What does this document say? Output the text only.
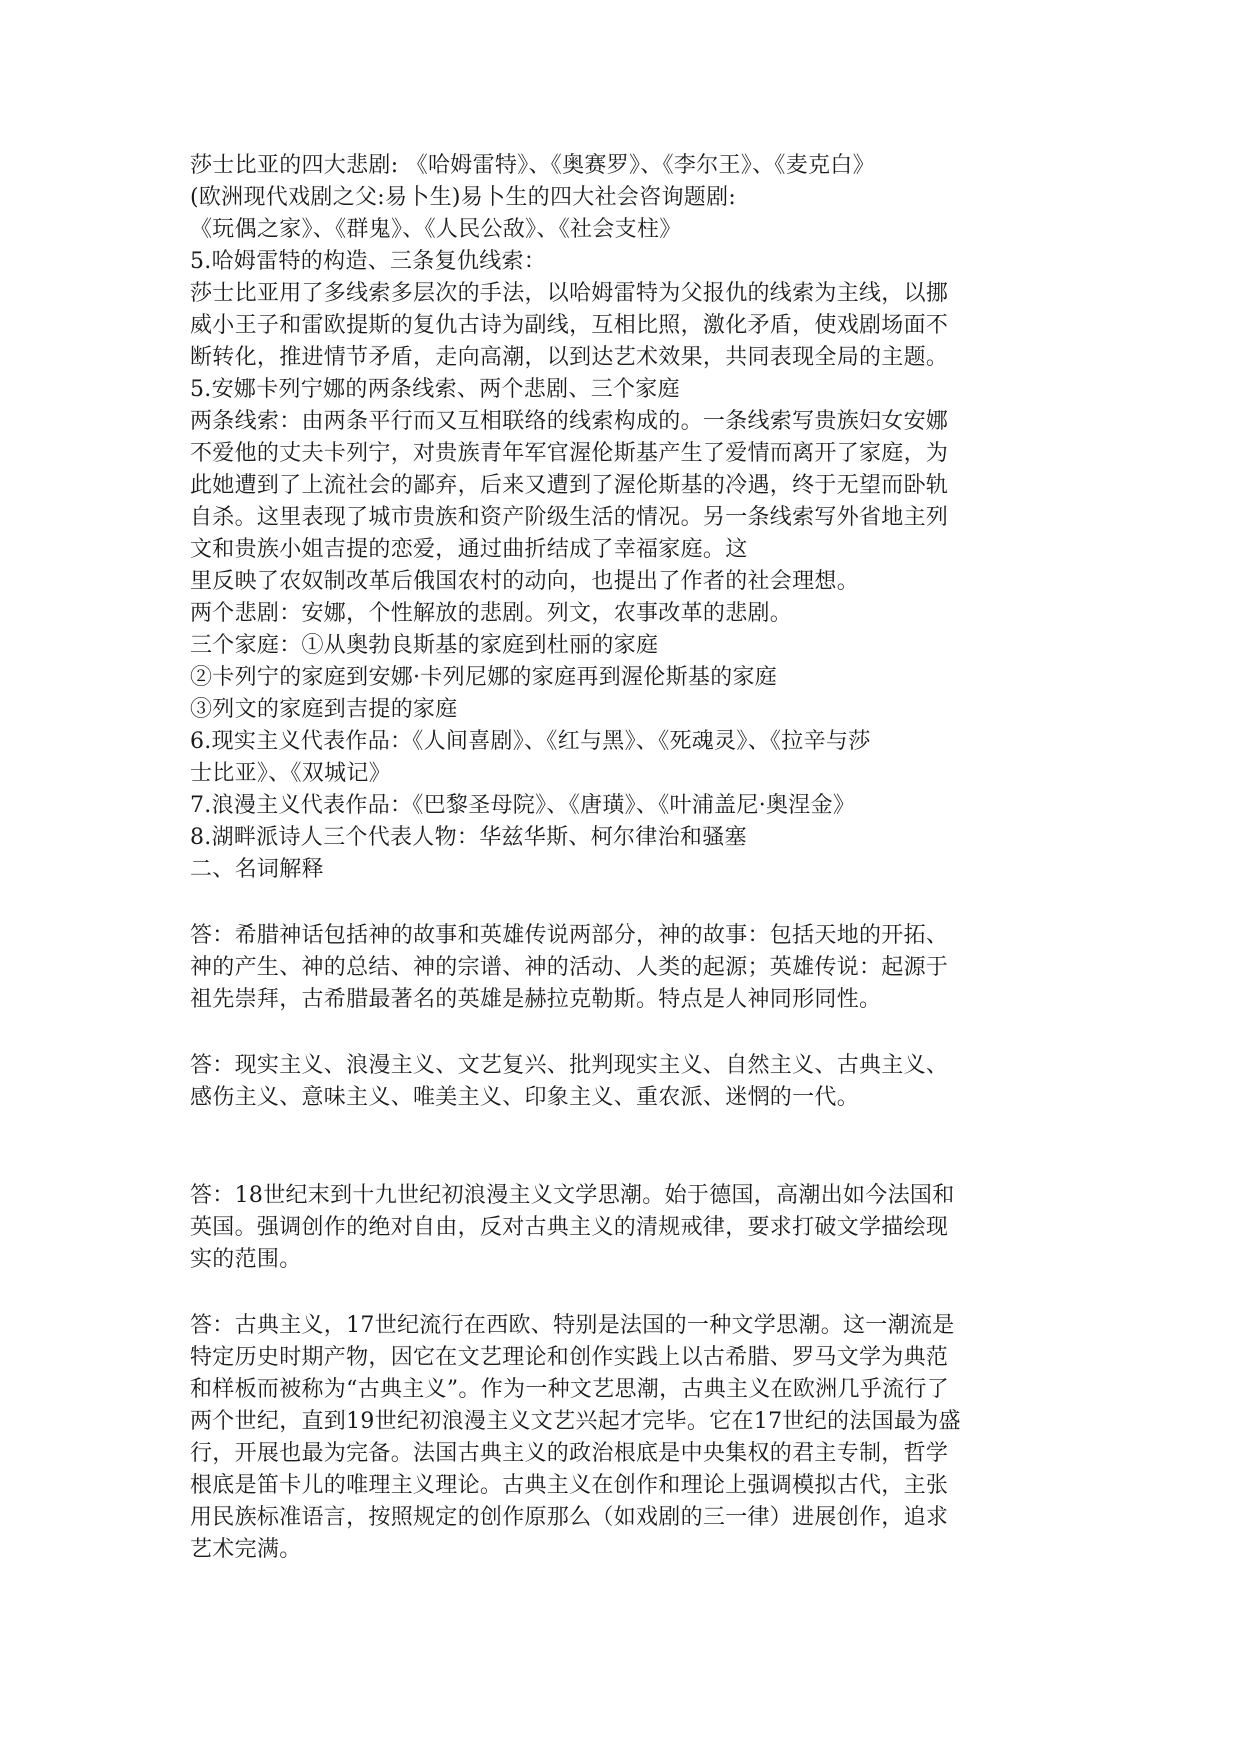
莎士比亚的四大悲剧: 《哈姆雷特》、《奥赛罗》、《李尔王》、《麦克白》
(欧洲现代戏剧之父:易卜生)易卜生的四大社会咨询题剧:
《玩偶之家》、《群鬼》、《人民公敌》、《社会支柱》
5.哈姆雷特的构造、三条复仇线索：
莎士比亚用了多线索多层次的手法，以哈姆雷特为父报仇的线索为主线，以挪
威小王子和雷欧提斯的复仇古诗为副线，互相比照，激化矛盾，使戏剧场面不
断转化，推进情节矛盾，走向高潮，以到达艺术效果，共同表现全局的主题。
5.安娜卡列宁娜的两条线索、两个悲剧、三个家庭
两条线索：由两条平行而又互相联络的线索构成的。一条线索写贵族妇女安娜
不爱他的丈夫卡列宁，对贵族青年军官渥伦斯基产生了爱情而离开了家庭，为
此她遭到了上流社会的鄙弃，后来又遭到了渥伦斯基的冷遇，终于无望而卧轨
自杀。这里表现了城市贵族和资产阶级生活的情况。另一条线索写外省地主列
文和贵族小姐吉提的恋爱，通过曲折结成了幸福家庭。这
里反映了农奴制改革后俄国农村的动向，也提出了作者的社会理想。
两个悲剧：安娜，个性解放的悲剧。列文，农事改革的悲剧。
三个家庭：①从奥勃良斯基的家庭到杜丽的家庭
②卡列宁的家庭到安娜·卡列尼娜的家庭再到渥伦斯基的家庭
③列文的家庭到吉提的家庭
6.现实主义代表作品：《人间喜剧》、《红与黑》、《死魂灵》、《拉辛与莎
士比亚》、《双城记》
7.浪漫主义代表作品：《巴黎圣母院》、《唐璜》、《叶浦盖尼·奥涅金》
8.湖畔派诗人三个代表人物：华兹华斯、柯尔律治和骚塞
二、名词解释
答：希腊神话包括神的故事和英雄传说两部分，神的故事：包括天地的开拓、
神的产生、神的总结、神的宗谱、神的活动、人类的起源；英雄传说：起源于
祖先崇拜，古希腊最著名的英雄是赫拉克勒斯。特点是人神同形同性。
答：现实主义、浪漫主义、文艺复兴、批判现实主义、自然主义、古典主义、
感伤主义、意味主义、唯美主义、印象主义、重农派、迷惘的一代。
答：18世纪末到十九世纪初浪漫主义文学思潮。始于德国，高潮出如今法国和
英国。强调创作的绝对自由，反对古典主义的清规戒律，要求打破文学描绘现
实的范围。
答：古典主义，17世纪流行在西欧、特别是法国的一种文学思潮。这一潮流是
特定历史时期产物，因它在文艺理论和创作实践上以古希腊、罗马文学为典范
和样板而被称为“古典主义”。作为一种文艺思潮，古典主义在欧洲几乎流行了
两个世纪，直到19世纪初浪漫主义文艺兴起才完毕。它在17世纪的法国最为盛
行，开展也最为完备。法国古典主义的政治根底是中央集权的君主专制，哲学
根底是笛卡儿的唯理主义理论。古典主义在创作和理论上强调模拟古代，主张
用民族标准语言，按照规定的创作原那么（如戏剧的三一律）进展创作，追求
艺术完满。
